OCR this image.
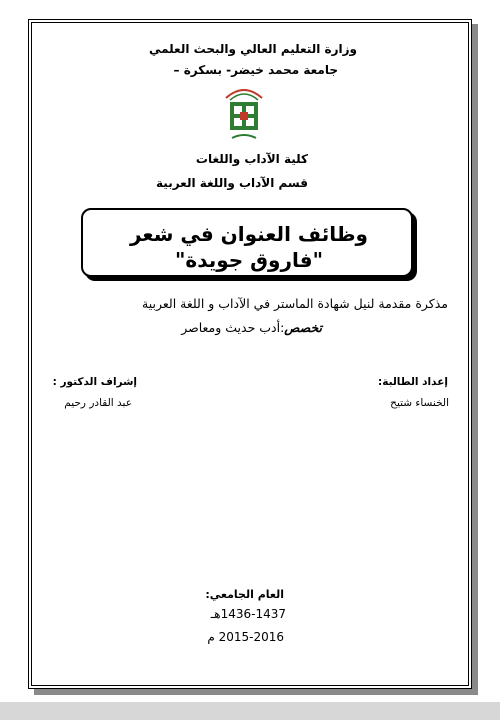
وزارة التعليم العالي والبحث العلمي
جامعة محمد خيضر- بسكرة –
كلية الآداب واللغات
قسم الآداب واللغة العربية
وظائف العنوان في شعر
"فاروق جويدة"
مذكرة مقدمة لنيل شهادة الماستر في الآداب و اللغة العربية
تخصص:أدب حديث ومعاصر
إعداد الطالبة:
الخنساء شتيح
إشراف الدكتور :
عبد القادر رحيم
العام الجامعي:
1436-1437هـ
2015-2016 م
